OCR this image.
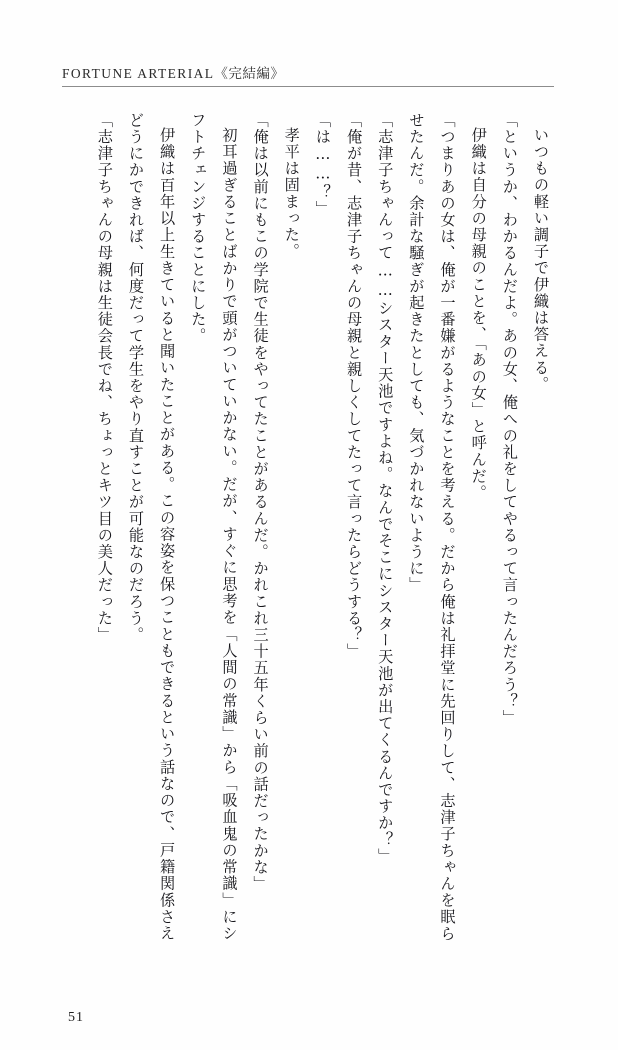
FORTUNE ARTERIAL《完結編》

いつもの軽い調子で伊織は答える。

「というか、わかるんだよ。あの女、俺への礼をしてやるって言ったんだろう？」

伊織は自分の母親のことを、「あの女」と呼んだ。

「つまりあの女は、俺が一番嫌がるようなことを考える。だから俺は礼拝堂に先回りして、志津子ちゃんを眠らせたんだ。余計な騒ぎが起きたとしても、気づかれないように」

「志津子ちゃんって……シスター天池ですよね。なんでそこにシスター天池が出てくるんですか？」

「俺が昔、志津子ちゃんの母親と親しくしてたって言ったらどうする？」

「は……？」

孝平は固まった。

「俺は以前にもこの学院で生徒をやってたことがあるんだ。かれこれ三十五年くらい前の話だったかな」

初耳過ぎることばかりで頭がついていかない。だが、すぐに思考を「人間の常識」から「吸血鬼の常識」にシフトチェンジすることにした。

伊織は百年以上生きていると聞いたことがある。この容姿を保つこともできるという話なので、戸籍関係さえどうにかできれば、何度だって学生をやり直すことが可能なのだろう。

「志津子ちゃんの母親は生徒会長でね、ちょっとキツ目の美人だった」

51
